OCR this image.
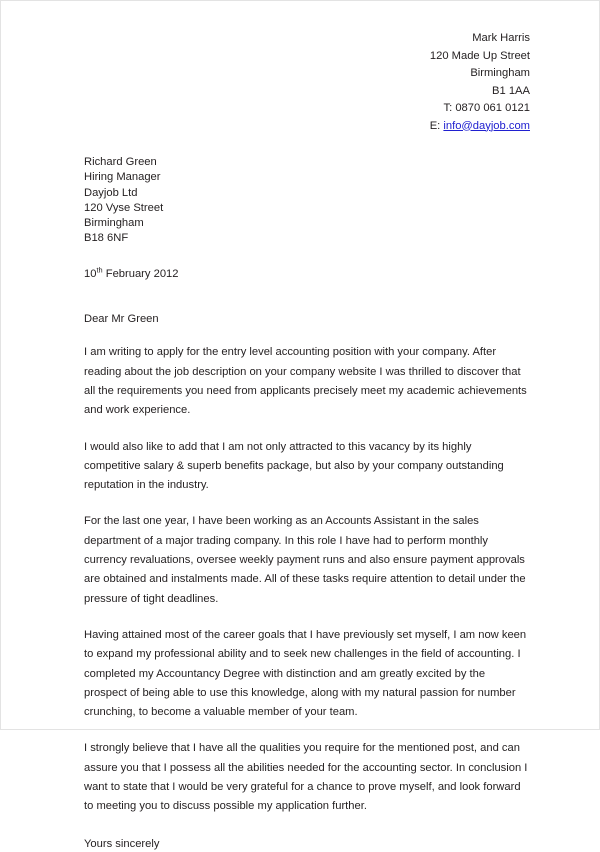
Mark Harris
120 Made Up Street
Birmingham
B1 1AA
T: 0870 061 0121
E: info@dayjob.com
Richard Green
Hiring Manager
Dayjob Ltd
120 Vyse Street
Birmingham
B18 6NF
10th February 2012
Dear Mr Green

I am writing to apply for the entry level accounting position with your company. After reading about the job description on your company website I was thrilled to discover that all the requirements you need from applicants precisely meet my academic achievements and work experience.

I would also like to add that I am not only attracted to this vacancy by its highly competitive salary & superb benefits package, but also by your company outstanding reputation in the industry.

For the last one year, I have been working as an Accounts Assistant in the sales department of a major trading company. In this role I have had to perform monthly currency revaluations, oversee weekly payment runs and also ensure payment approvals are obtained and instalments made. All of these tasks require attention to detail under the pressure of tight deadlines.

Having attained most of the career goals that I have previously set myself, I am now keen to expand my professional ability and to seek new challenges in the field of accounting. I completed my Accountancy Degree with distinction and am greatly excited by the prospect of being able to use this knowledge, along with my natural passion for number crunching, to become a valuable member of your team.

I strongly believe that I have all the qualities you require for the mentioned post, and can assure you that I possess all the abilities needed for the accounting sector. In conclusion I want to state that I would be very grateful for a chance to prove myself, and look forward to meeting you to discuss possible my application further.

Yours sincerely
